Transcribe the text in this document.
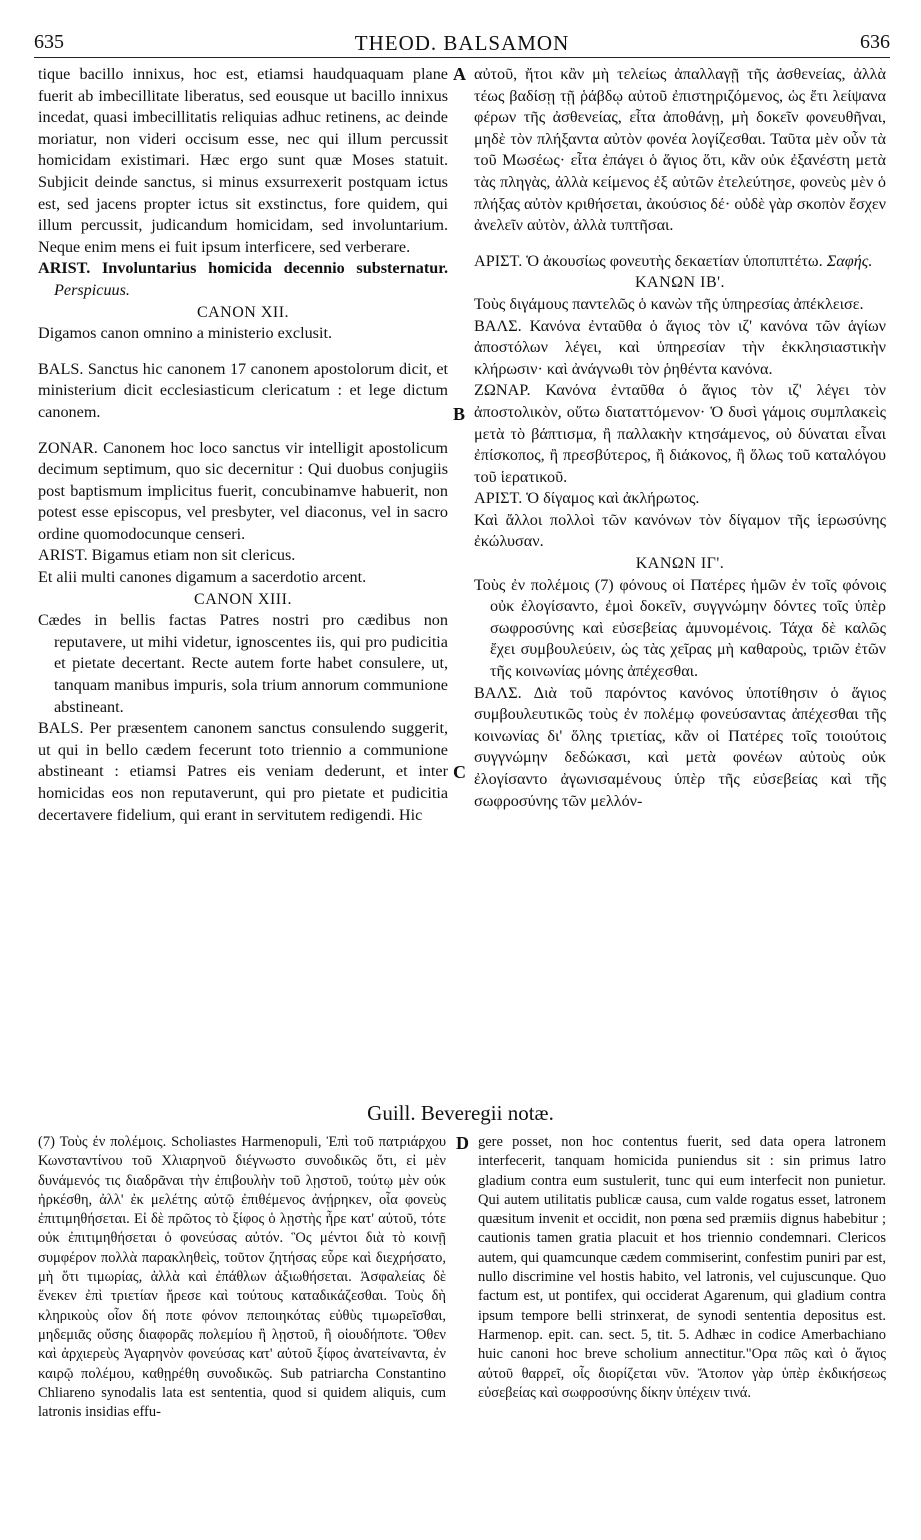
635	THEOD. BALSAMON	636
A
B
C
D

tique bacillo innixus, hoc est, etiamsi haudquaquam plane fuerit ab imbecillitate liberatus, sed eousque ut bacillo innixus incedat, quasi imbecillitatis reliquias adhuc retinens, ac deinde moriatur, non videri occisum esse, nec qui illum percussit homicidam existimari. Hæc ergo sunt quæ Moses statuit. Subjicit deinde sanctus, si minus exsurrexerit postquam ictus est, sed jacens propter ictus sit exstinctus, fore quidem, qui illum percussit, judicandum homicidam, sed involuntarium. Neque enim mens ei fuit ipsum interficere, sed verberare.

ARIST. Involuntarius homicida decennio substernatur. Perspicuus.

CANON XII.

Digamos canon omnino a ministerio exclusit.

BALS. Sanctus hic canonem 17 canonem apostolorum dicit, et ministerium dicit ecclesiasticum clericatum : et lege dictum canonem.

ZONAR. Canonem hoc loco sanctus vir intelligit apostolicum decimum septimum, quo sic decernitur : Qui duobus conjugiis post baptismum implicitus fuerit, concubinamve habuerit, non potest esse episcopus, vel presbyter, vel diaconus, vel in sacro ordine quomodocunque censeri.

ARIST. Bigamus etiam non sit clericus.

Et alii multi canones digamum a sacerdotio arcent.

CANON XIII.

Cædes in bellis factas Patres nostri pro cædibus non reputavere, ut mihi videtur, ignoscentes iis, qui pro pudicitia et pietate decertant. Recte autem forte habet consulere, ut, tanquam manibus impuris, sola trium annorum communione abstineant.

BALS. Per præsentem canonem sanctus consulendo suggerit, ut qui in bello cædem fecerunt toto triennio a communione abstineant : etiamsi Patres eis veniam dederunt, et inter homicidas eos non reputaverunt, qui pro pietate et pudicitia decertavere fidelium, qui erant in servitutem redigendi. Hic

αὐτοῦ, ἤτοι κἂν μὴ τελείως ἀπαλλαγῇ τῆς ἀσθενείας, ἀλλὰ τέως βαδίσῃ τῇ ῥάβδῳ αὐτοῦ ἐπιστηριζόμενος, ὡς ἔτι λείψανα φέρων τῆς ἀσθενείας, εἶτα ἀποθάνῃ, μὴ δοκεῖν φονευθῆναι, μηδὲ τὸν πλήξαντα αὐτὸν φονέα λογίζεσθαι. Ταῦτα μὲν οὖν τὰ τοῦ Μωσέως· εἶτα ἐπάγει ὁ ἅγιος ὅτι, κἂν οὐκ ἐξανέστη μετὰ τὰς πληγὰς, ἀλλὰ κείμενος ἐξ αὐτῶν ἐτελεύτησε, φονεὺς μὲν ὁ πλήξας αὐτὸν κριθήσεται, ἀκούσιος δέ· οὐδὲ γὰρ σκοπὸν ἔσχεν ἀνελεῖν αὐτὸν, ἀλλὰ τυπτῆσαι.

ΑΡΙΣΤ. Ὁ ἀκουσίως φονευτὴς δεκαετίαν ὑποπιπτέτω. Σαφής.

ΚΑΝΩΝ ΙΒ'.

Τοὺς διγάμους παντελῶς ὁ κανὼν τῆς ὑπηρεσίας ἀπέκλεισε.

ΒΑΛΣ. Κανόνα ἐνταῦθα ὁ ἅγιος τὸν ιζ' κανόνα τῶν ἁγίων ἀποστόλων λέγει, καὶ ὑπηρεσίαν τὴν ἐκκλησιαστικὴν κλήρωσιν· καὶ ἀνάγνωθι τὸν ῥηθέντα κανόνα.

ΖΩΝΑΡ. Κανόνα ἐνταῦθα ὁ ἅγιος τὸν ιζ' λέγει τὸν ἀποστολικὸν, οὕτω διαταττόμενον· Ὁ δυσὶ γάμοις συμπλακεὶς μετὰ τὸ βάπτισμα, ἢ παλλακὴν κτησάμενος, οὐ δύναται εἶναι ἐπίσκοπος, ἢ πρεσβύτερος, ἢ διάκονος, ἢ ὅλως τοῦ καταλόγου τοῦ ἱερατικοῦ.

ΑΡΙΣΤ. Ὁ δίγαμος καὶ ἀκλήρωτος.

Καὶ ἄλλοι πολλοὶ τῶν κανόνων τὸν δίγαμον τῆς ἱερωσύνης ἐκώλυσαν.

ΚΑΝΩΝ ΙΓ'.

Τοὺς ἐν πολέμοις (7) φόνους οἱ Πατέρες ἡμῶν ἐν τοῖς φόνοις οὐκ ἐλογίσαντο, ἐμοὶ δοκεῖν, συγγνώμην δόντες τοῖς ὑπὲρ σωφροσύνης καὶ εὐσεβείας ἀμυνομένοις. Τάχα δὲ καλῶς ἔχει συμβουλεύειν, ὡς τὰς χεῖρας μὴ καθαροὺς, τριῶν ἐτῶν τῆς κοινωνίας μόνης ἀπέχεσθαι.

ΒΑΛΣ. Διὰ τοῦ παρόντος κανόνος ὑποτίθησιν ὁ ἅγιος συμβουλευτικῶς τοὺς ἐν πολέμῳ φονεύσαντας ἀπέχεσθαι τῆς κοινωνίας δι' ὅλης τριετίας, κἂν οἱ Πατέρες τοῖς τοιούτοις συγγνώμην δεδώκασι, καὶ μετὰ φονέων αὐτοὺς οὐκ ἐλογίσαντο ἀγωνισαμένους ὑπὲρ τῆς εὐσεβείας καὶ τῆς σωφροσύνης τῶν μελλόν-

Guill. Beveregii notæ.

(7) Τοὺς ἐν πολέμοις. Scholiastes Harmenopuli, Ἐπὶ τοῦ πατριάρχου Κωνσταντίνου τοῦ Χλιαρηνοῦ διέγνωστο συνοδικῶς ὅτι, εἰ μὲν δυνάμενός τις διαδρᾶναι τὴν ἐπιβουλὴν τοῦ λῃστοῦ, τούτῳ μὲν οὐκ ἠρκέσθη, ἀλλ' ἐκ μελέτης αὐτῷ ἐπιθέμενος ἀνῄρηκεν, οἷα φονεὺς ἐπιτιμηθήσεται. Εἰ δὲ πρῶτος τὸ ξίφος ὁ λῃστὴς ἦρε κατ' αὐτοῦ, τότε οὐκ ἐπιτιμηθήσεται ὁ φονεύσας αὐτόν. Ὃς μέντοι διὰ τὸ κοινῇ συμφέρον πολλὰ παρακληθεὶς, τοῦτον ζητήσας εὗρε καὶ διεχρήσατο, μὴ ὅτι τιμωρίας, ἀλλὰ καὶ ἐπάθλων ἀξιωθήσεται. Ἀσφαλείας δὲ ἕνεκεν ἐπὶ τριετίαν ἤρεσε καὶ τούτους καταδικάζεσθαι. Τοὺς δὴ κληρικοὺς οἷον δή ποτε φόνον πεποιηκότας εὐθὺς τιμωρεῖσθαι, μηδεμιᾶς οὔσης διαφορᾶς πολεμίου ἢ λῃστοῦ, ἢ οἱουδήποτε. Ὅθεν καὶ ἀρχιερεὺς Ἀγαρηνὸν φονεύσας κατ' αὐτοῦ ξίφος ἀνατείναντα, ἐν καιρῷ πολέμου, καθῃρέθη συνοδικῶς. Sub patriarcha Constantino Chliareno synodalis lata est sententia, quod si quidem aliquis, cum latronis insidias effu-

gere posset, non hoc contentus fuerit, sed data opera latronem interfecerit, tanquam homicida puniendus sit : sin primus latro gladium contra eum sustulerit, tunc qui eum interfecit non punietur. Qui autem utilitatis publicæ causa, cum valde rogatus esset, latronem quæsitum invenit et occidit, non pœna sed præmiis dignus habebitur ; cautionis tamen gratia placuit et hos triennio condemnari. Clericos autem, qui quamcunque cædem commiserint, confestim puniri par est, nullo discrimine vel hostis habito, vel latronis, vel cujuscunque. Quo factum est, ut pontifex, qui occiderat Agarenum, qui gladium contra ipsum tempore belli strinxerat, de synodi sententia depositus est. Harmenop. epit. can. sect. 5, tit. 5. Adhæc in codice Amerbachiano huic canoni hoc breve scholium annectitur."Ορα πῶς καὶ ὁ ἅγιος αὐτοῦ θαρρεῖ, οἷς διορίζεται νῦν. Ἄτοπον γὰρ ὑπὲρ ἐκδικήσεως εὐσεβείας καὶ σωφροσύνης δίκην ὑπέχειν τινά.
